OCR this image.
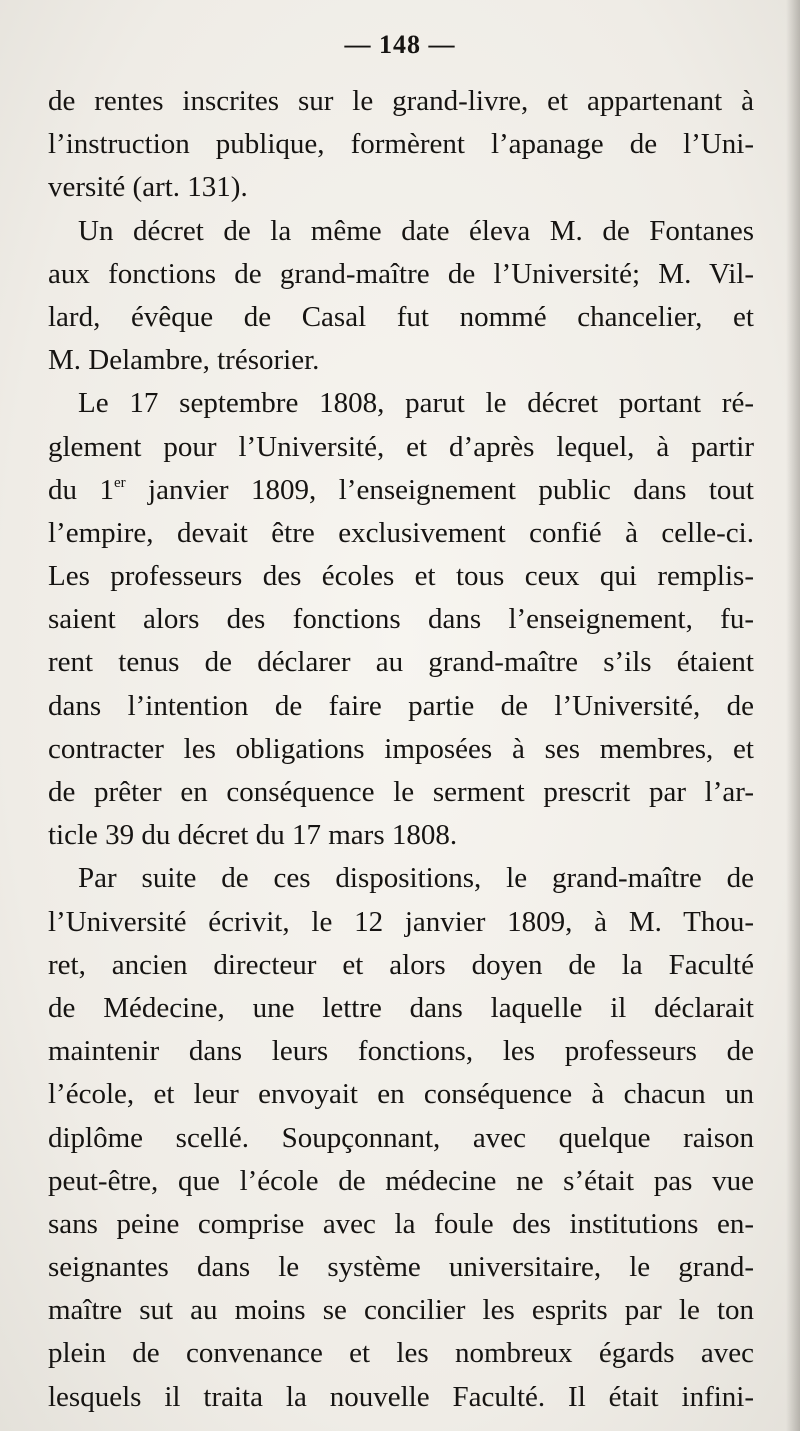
— 148 —
de rentes inscrites sur le grand-livre, et appartenant à
l’instruction publique, formèrent l’apanage de l’Uni-
versité (art. 131).
Un décret de la même date éleva M. de Fontanes
aux fonctions de grand-maître de l’Université; M. Vil-
lard, évêque de Casal fut nommé chancelier, et
M. Delambre, trésorier.
Le 17 septembre 1808, parut le décret portant ré-
glement pour l’Université, et d’après lequel, à partir
du 1er janvier 1809, l’enseignement public dans tout
l’empire, devait être exclusivement confié à celle-ci.
Les professeurs des écoles et tous ceux qui remplis-
saient alors des fonctions dans l’enseignement, fu-
rent tenus de déclarer au grand-maître s’ils étaient
dans l’intention de faire partie de l’Université, de
contracter les obligations imposées à ses membres, et
de prêter en conséquence le serment prescrit par l’ar-
ticle 39 du décret du 17 mars 1808.
Par suite de ces dispositions, le grand-maître de
l’Université écrivit, le 12 janvier 1809, à M. Thou-
ret, ancien directeur et alors doyen de la Faculté
de Médecine, une lettre dans laquelle il déclarait
maintenir dans leurs fonctions, les professeurs de
l’école, et leur envoyait en conséquence à chacun un
diplôme scellé. Soupçonnant, avec quelque raison
peut-être, que l’école de médecine ne s’était pas vue
sans peine comprise avec la foule des institutions en-
seignantes dans le système universitaire, le grand-
maître sut au moins se concilier les esprits par le ton
plein de convenance et les nombreux égards avec
lesquels il traita la nouvelle Faculté. Il était infini-
